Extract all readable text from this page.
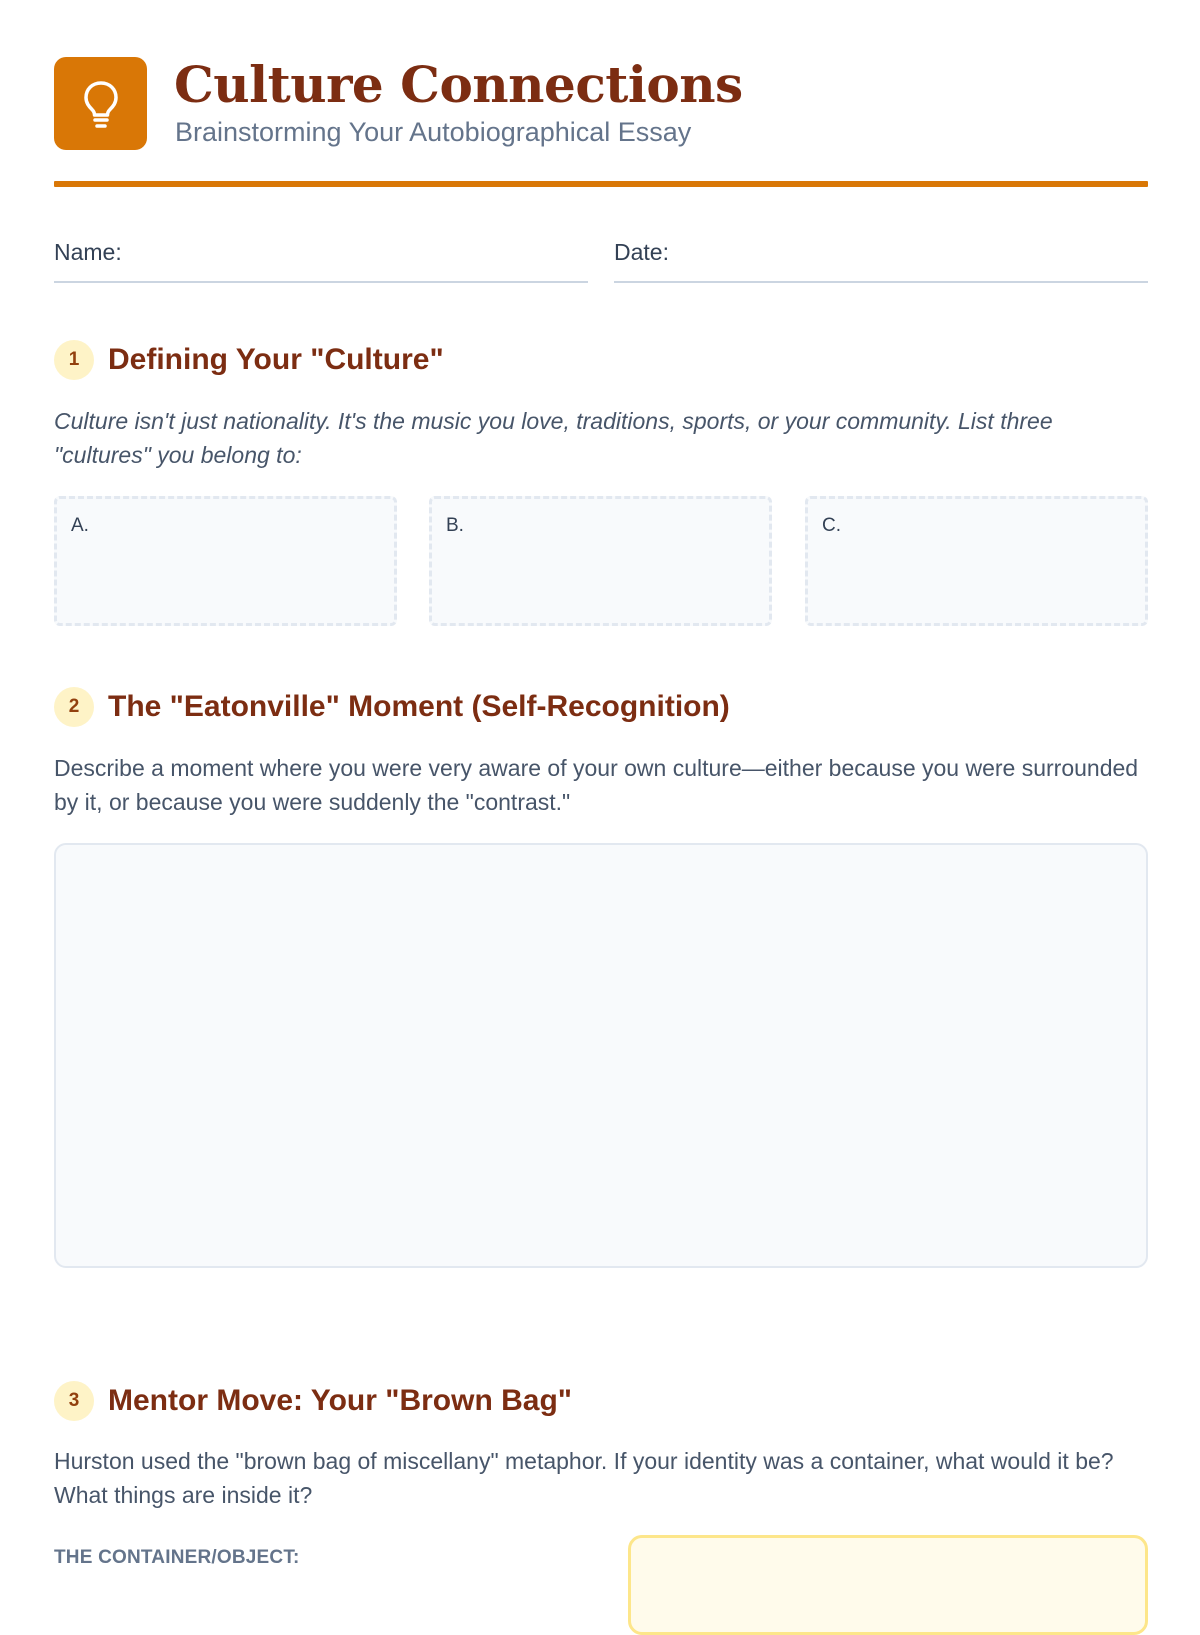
Culture Connections
Brainstorming Your Autobiographical Essay
Name:	Date:
1 Defining Your "Culture"
Culture isn't just nationality. It's the music you love, traditions, sports, or your community. List three "cultures" you belong to:
A.	B.	C.
2 The "Eatonville" Moment (Self-Recognition)
Describe a moment where you were very aware of your own culture—either because you were surrounded by it, or because you were suddenly the "contrast."
3 Mentor Move: Your "Brown Bag"
Hurston used the "brown bag of miscellany" metaphor. If your identity was a container, what would it be? What things are inside it?
THE CONTAINER/OBJECT:
